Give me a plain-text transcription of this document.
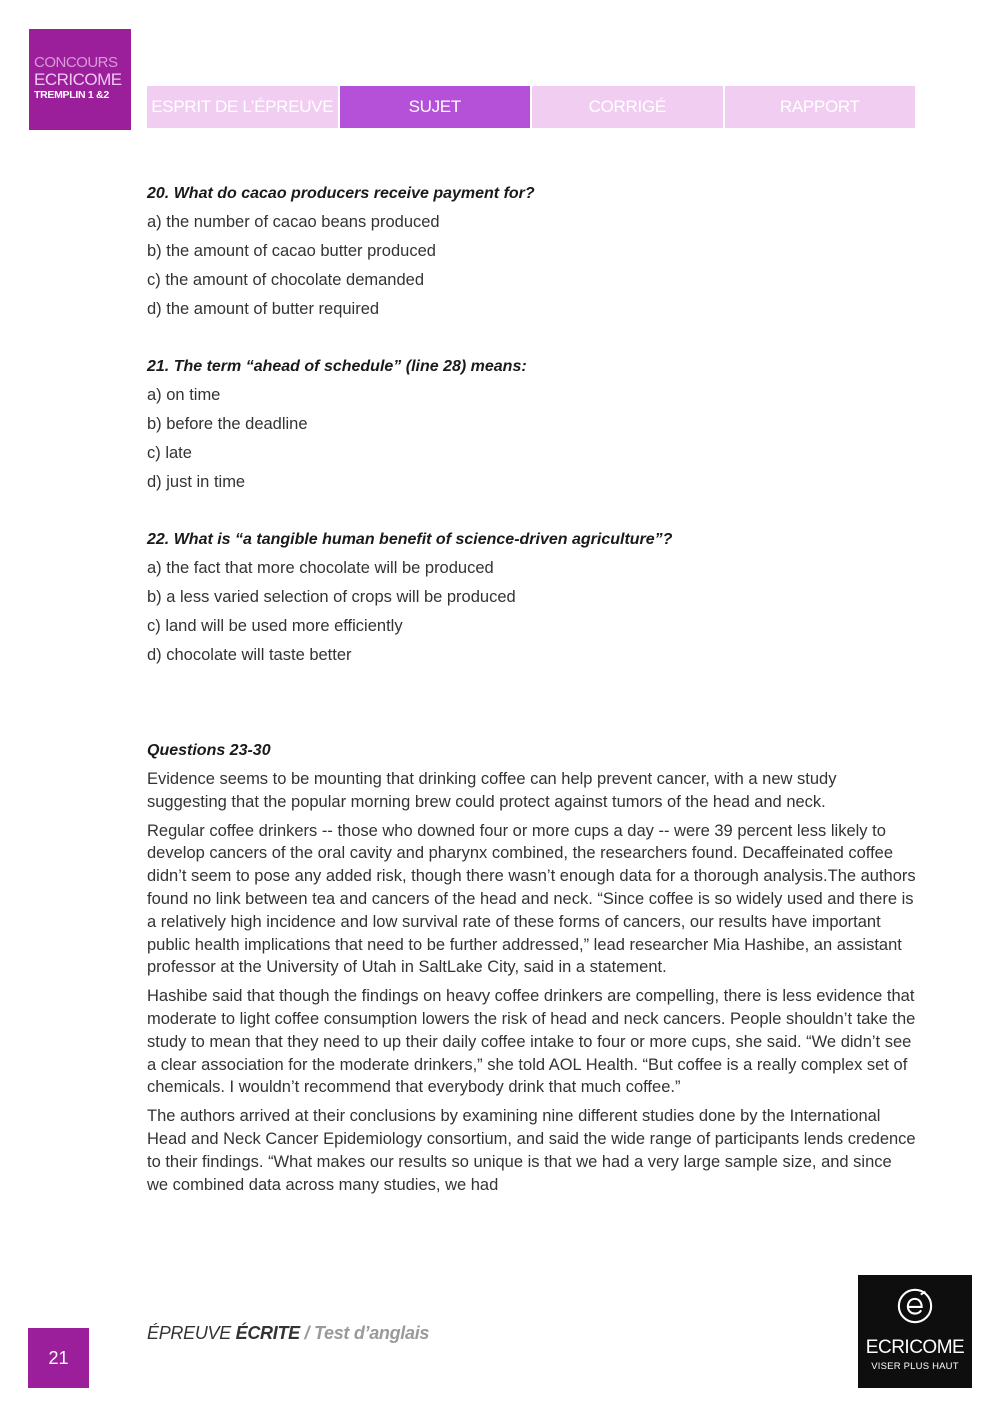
CONCOURS
ECRICOME
TREMPLIN 1 &2
ESPRIT DE L’ÉPREUVE	SUJET	CORRIGÉ	RAPPORT
20. What do cacao producers receive payment for?
a) the number of cacao beans produced
b) the amount of cacao butter produced
c) the amount of chocolate demanded
d) the amount of butter required
21. The term “ahead of schedule” (line 28) means:
a) on time
b) before the deadline
c) late
d) just in time
22. What is “a tangible human benefit of science-driven agriculture”?
a) the fact that more chocolate will be produced
b) a less varied selection of crops will be produced
c) land will be used more efficiently
d) chocolate will taste better
Questions 23-30
Evidence seems to be mounting that drinking coffee can help prevent cancer, with a new study suggesting that the popular morning brew could protect against tumors of the head and neck.
Regular coffee drinkers -- those who downed four or more cups a day -- were 39 percent less likely to develop cancers of the oral cavity and pharynx combined, the researchers found. Decaffeinated coffee didn’t seem to pose any added risk, though there wasn’t enough data for a thorough analysis.The authors found no link between tea and cancers of the head and neck. “Since coffee is so widely used and there is a relatively high incidence and low survival rate of these forms of cancers, our results have important public health implications that need to be further addressed,” lead researcher Mia Hashibe, an assistant professor at the University of Utah in SaltLake City, said in a statement.
Hashibe said that though the findings on heavy coffee drinkers are compelling, there is less evidence that moderate to light coffee consumption lowers the risk of head and neck cancers. People shouldn’t take the study to mean that they need to up their daily coffee intake to four or more cups, she said. “We didn’t see a clear association for the moderate drinkers,” she told AOL Health. “But coffee is a really complex set of chemicals. I wouldn’t recommend that everybody drink that much coffee.”
The authors arrived at their conclusions by examining nine different studies done by the International Head and Neck Cancer Epidemiology consortium, and said the wide range of participants lends credence to their findings. “What makes our results so unique is that we had a very large sample size, and since we combined data across many studies, we had
ÉPREUVE ÉCRITE / Test d’anglais
21	ECRICOME
VISER PLUS HAUT
